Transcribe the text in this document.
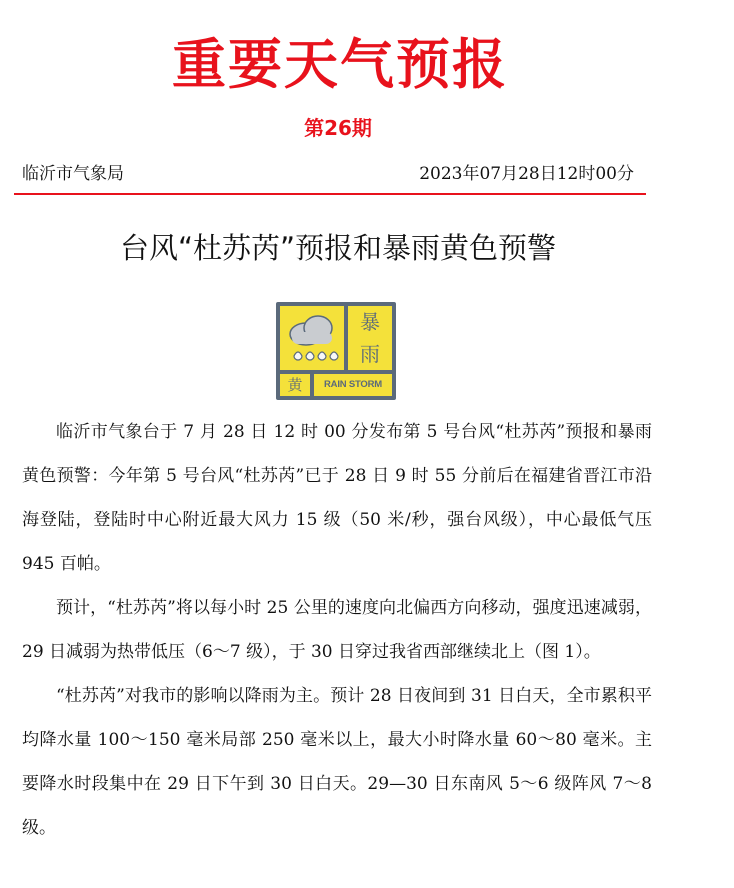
重要天气预报
第26期
临沂市气象局	2023年07月28日12时00分
台风“杜苏芮”预报和暴雨黄色预警
暴
雨
黄	RAIN STORM

临沂市气象台于 7 月 28 日 12 时 00 分发布第 5 号台风“杜苏芮”预报和暴雨黄色预警：今年第 5 号台风“杜苏芮”已于 28 日 9 时 55 分前后在福建省晋江市沿海登陆，登陆时中心附近最大风力 15 级（50 米/秒，强台风级），中心最低气压 945 百帕。

预计，“杜苏芮”将以每小时 25 公里的速度向北偏西方向移动，强度迅速减弱，29 日减弱为热带低压（6～7 级），于 30 日穿过我省西部继续北上（图 1）。

“杜苏芮”对我市的影响以降雨为主。预计 28 日夜间到 31 日白天，全市累积平均降水量 100～150 毫米局部 250 毫米以上，最大小时降水量 60～80 毫米。主要降水时段集中在 29 日下午到 30 日白天。29—30 日东南风 5～6 级阵风 7～8 级。
